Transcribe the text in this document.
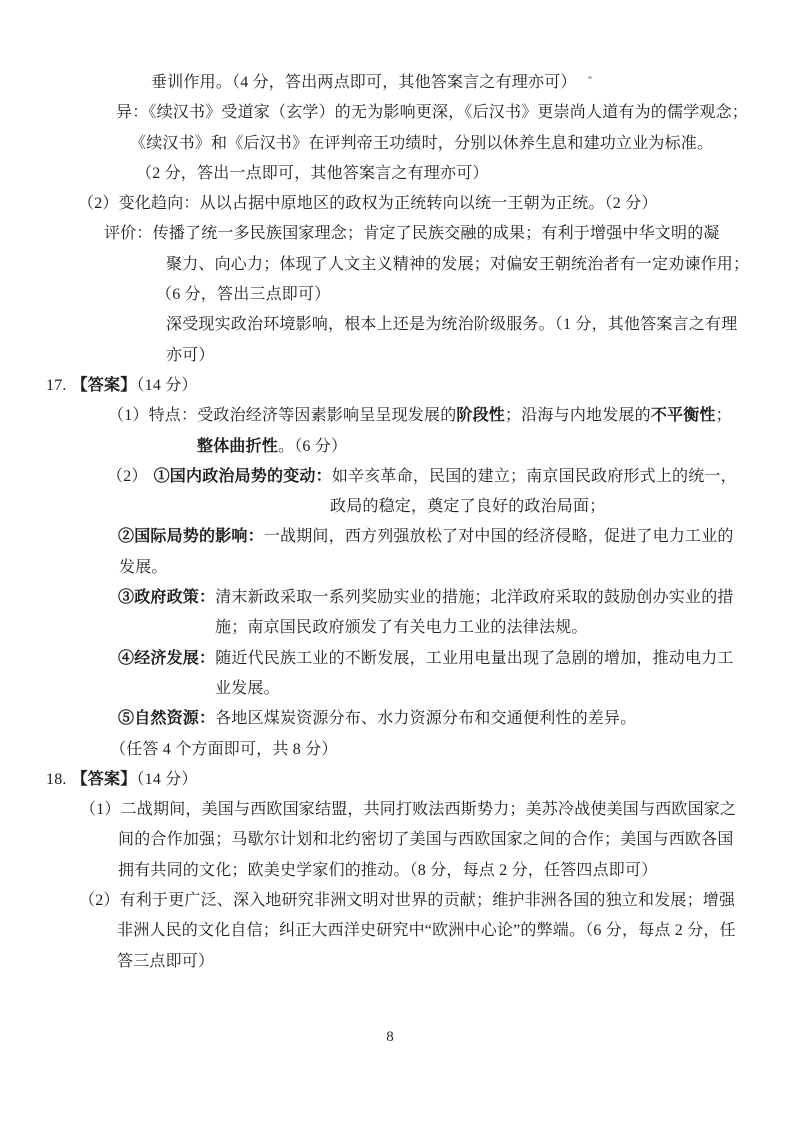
垂训作用。（4 分，答出两点即可，其他答案言之有理亦可）
异：《续汉书》受道家（玄学）的无为影响更深，《后汉书》更崇尚人道有为的儒学观念；
《续汉书》和《后汉书》在评判帝王功绩时，分别以休养生息和建功立业为标准。
（2 分，答出一点即可，其他答案言之有理亦可）
（2）变化趋向：从以占据中原地区的政权为正统转向以统一王朝为正统。（2 分）
评价：传播了统一多民族国家理念；肯定了民族交融的成果；有利于增强中华文明的凝
聚力、向心力；体现了人文主义精神的发展；对偏安王朝统治者有一定劝谏作用；
（6 分，答出三点即可）
深受现实政治环境影响，根本上还是为统治阶级服务。（1 分，其他答案言之有理
亦可）
17. 【答案】（14 分）
（1）特点：受政治经济等因素影响呈呈现发展的阶段性；沿海与内地发展的不平衡性；
整体曲折性。（6 分）
（2） ①国内政治局势的变动：如辛亥革命，民国的建立；南京国民政府形式上的统一，
政局的稳定，奠定了良好的政治局面；
②国际局势的影响：一战期间，西方列强放松了对中国的经济侵略，促进了电力工业的
发展。
③政府政策：清末新政采取一系列奖励实业的措施；北洋政府采取的鼓励创办实业的措
施；南京国民政府颁发了有关电力工业的法律法规。
④经济发展：随近代民族工业的不断发展，工业用电量出现了急剧的增加，推动电力工
业发展。
⑤自然资源：各地区煤炭资源分布、水力资源分布和交通便利性的差异。
（任答 4 个方面即可，共 8 分）
18. 【答案】（14 分）
（1）二战期间，美国与西欧国家结盟，共同打败法西斯势力；美苏冷战使美国与西欧国家之
间的合作加强；马歇尔计划和北约密切了美国与西欧国家之间的合作；美国与西欧各国
拥有共同的文化；欧美史学家们的推动。（8 分，每点 2 分，任答四点即可）
（2）有利于更广泛、深入地研究非洲文明对世界的贡献；维护非洲各国的独立和发展；增强
非洲人民的文化自信；纠正大西洋史研究中“欧洲中心论”的弊端。（6 分，每点 2 分，任
答三点即可）
8
